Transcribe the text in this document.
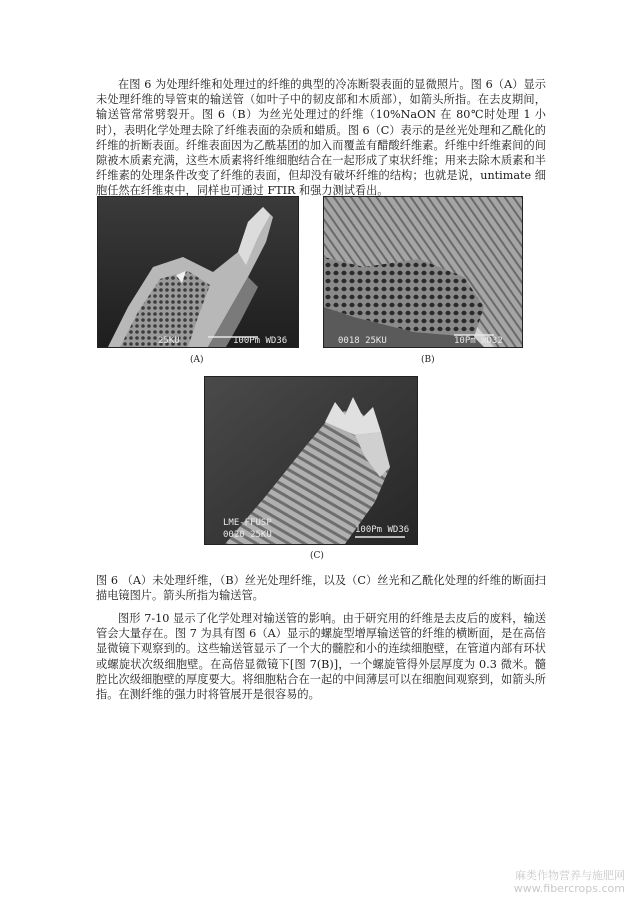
在图 6 为处理纤维和处理过的纤维的典型的冷冻断裂表面的显微照片。图 6（A）显示未处理纤维的导管束的输送管（如叶子中的韧皮部和木质部），如箭头所指。在去皮期间，输送管常常劈裂开。图 6（B）为丝光处理过的纤维（10%NaON 在 80℃时处理 1 小时），表明化学处理去除了纤维表面的杂质和蜡质。图 6（C）表示的是丝光处理和乙酰化的纤维的折断表面。纤维表面因为乙酰基团的加入而覆盖有醋酸纤维素。纤维中纤维素间的间隙被木质素充满，这些木质素将纤维细胞结合在一起形成了束状纤维；用来去除木质素和半纤维素的处理条件改变了纤维的表面，但却没有破坏纤维的结构；也就是说，untimate 细胞任然在纤维束中，同样也可通过 FTIR 和强力测试看出。

25KU	100Pm WD36
(A)
0018 25KU	10Pm WD32
(B)
LME-FFUSP
0020 25KU	100Pm WD36
(C)

图 6 （A）未处理纤维，（B）丝光处理纤维，以及（C）丝光和乙酰化处理的纤维的断面扫描电镜图片。箭头所指为输送管。

图形 7-10 显示了化学处理对输送管的影响。由于研究用的纤维是去皮后的废料，输送管会大量存在。图 7 为具有图 6（A）显示的螺旋型增厚输送管的纤维的横断面，是在高倍显微镜下观察到的。这些输送管显示了一个大的髓腔和小的连续细胞壁，在管道内部有环状或螺旋状次级细胞壁。在高倍显微镜下[图 7(B)]，一个螺旋管得外层厚度为 0.3 微米。髓腔比次级细胞壁的厚度要大。将细胞粘合在一起的中间薄层可以在细胞间观察到，如箭头所指。在测纤维的强力时将管展开是很容易的。

麻类作物营养与施肥网
www.fibercrops.com
